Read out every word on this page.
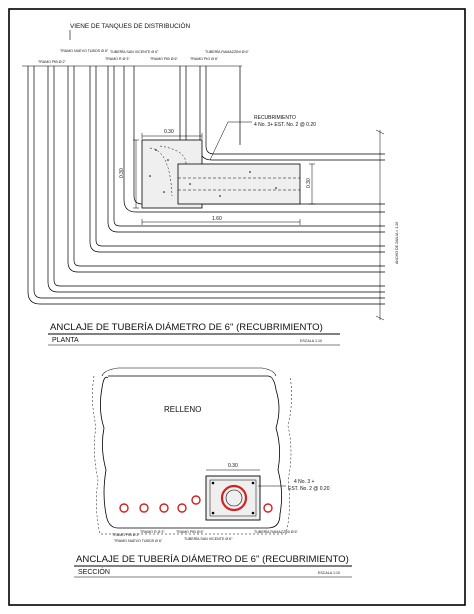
VIENE DE TANQUES DE DISTRIBUCIÓN
TRAMO PIB Ø 2"
TRAMO NUEVO TUBOS Ø 6"
TRAMO R Ø 3"
TUBERÍA SAN VICENTE Ø 6"
TRAMO PIB Ø 6"	TRAMO PIO Ø 6"
TUBERÍA RAMAZZINI Ø 6"
RECUBRIMIENTO
4 No. 3+ EST. No. 2 @ 0.20
0.30
0.30
1.60
0.30
ANCHO DE ZANJA = 1.20
ANCLAJE DE TUBERÍA DIÁMETRO DE 6" (RECUBRIMIENTO)
PLANTA	ESCALA 1:10
RELLENO
0.30
4 No. 3 +
EST. No. 2 @ 0.20
TRAMO PIB Ø 2"
TRAMO NUEVO TUBOS Ø 6"
TRAMO R Ø 3"	TRAMO PIB Ø 6"
TUBERÍA SAN VICENTE Ø 6"
TUBERÍA RAMAZZINI Ø 6"
ANCLAJE DE TUBERÍA DIÁMETRO DE 6" (RECUBRIMIENTO)
SECCIÓN	ESCALA 1:10
